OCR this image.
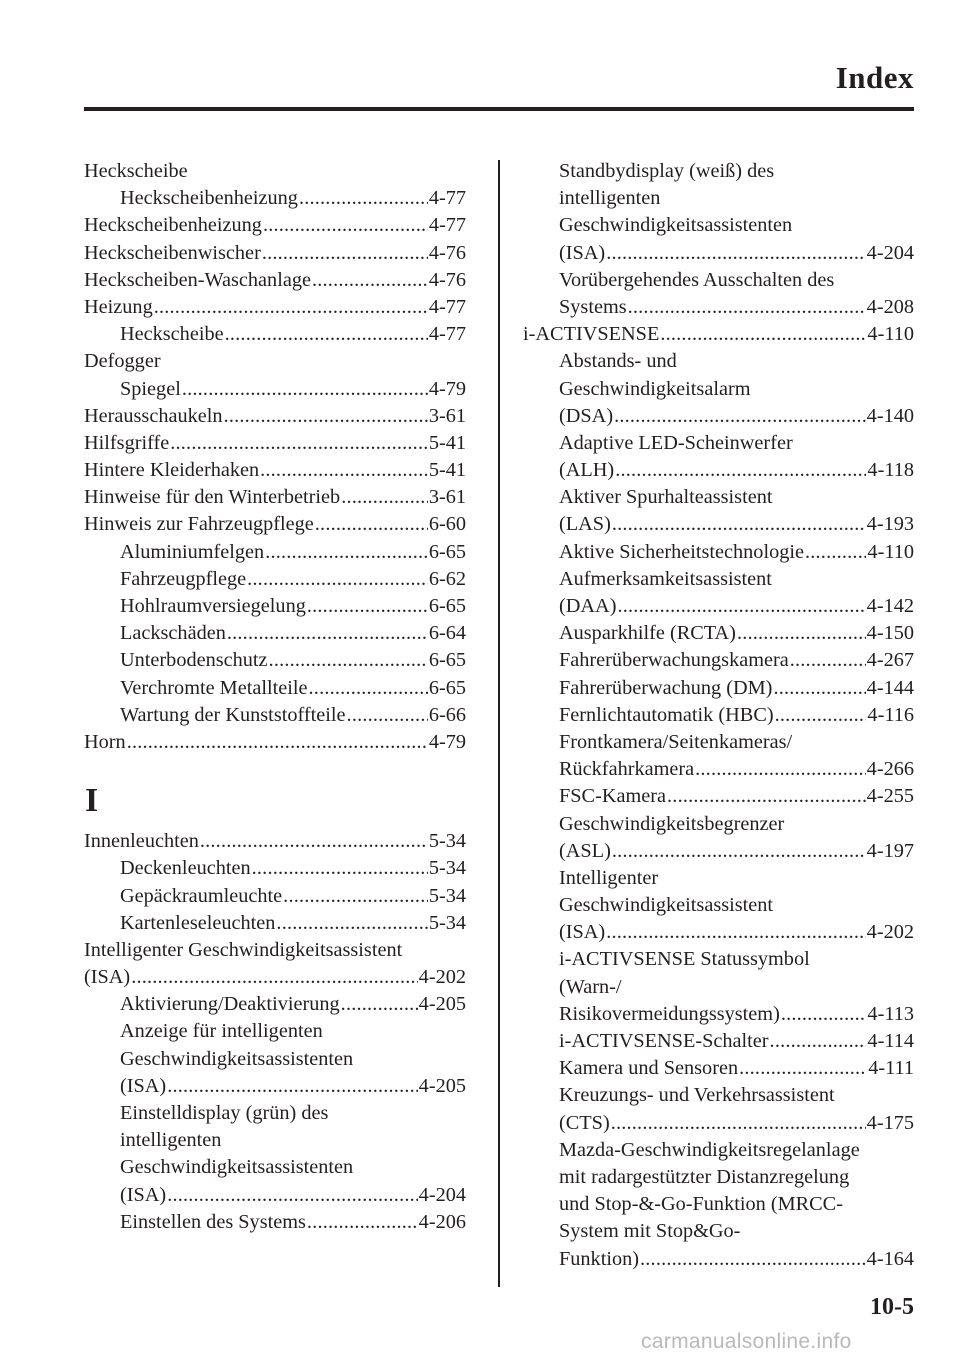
Index
Heckscheibe
Heckscheibenheizung .....	4-77
Heckscheibenheizung .....	4-77
Heckscheibenwischer .....	4-76
Heckscheiben-Waschanlage .....	4-76
Heizung .....	4-77
Heckscheibe .....	4-77
Defogger
Spiegel .....	4-79
Herausschaukeln .....	3-61
Hilfsgriffe .....	5-41
Hintere Kleiderhaken .....	5-41
Hinweise für den Winterbetrieb .....	3-61
Hinweis zur Fahrzeugpflege .....	6-60
Aluminiumfelgen .....	6-65
Fahrzeugpflege .....	6-62
Hohlraumversiegelung .....	6-65
Lackschäden .....	6-64
Unterbodenschutz .....	6-65
Verchromte Metallteile .....	6-65
Wartung der Kunststoffteile .....	6-66
Horn .....	4-79
I
Innenleuchten .....	5-34
Deckenleuchten .....	5-34
Gepäckraumleuchte .....	5-34
Kartenleseleuchten .....	5-34
Intelligenter Geschwindigkeitsassistent
(ISA) .....	4-202
Aktivierung/Deaktivierung .....	4-205
Anzeige für intelligenten
Geschwindigkeitsassistenten
(ISA) .....	4-205
Einstelldisplay (grün) des
intelligenten
Geschwindigkeitsassistenten
(ISA) .....	4-204
Einstellen des Systems .....	4-206
Standbydisplay (weiß) des
intelligenten
Geschwindigkeitsassistenten
(ISA) .....	4-204
Vorübergehendes Ausschalten des
Systems .....	4-208
i-ACTIVSENSE .....	4-110
Abstands- und
Geschwindigkeitsalarm
(DSA) .....	4-140
Adaptive LED-Scheinwerfer
(ALH) .....	4-118
Aktiver Spurhalteassistent
(LAS) .....	4-193
Aktive Sicherheitstechnologie .....	4-110
Aufmerksamkeitsassistent
(DAA) .....	4-142
Ausparkhilfe (RCTA) .....	4-150
Fahrerüberwachungskamera .....	4-267
Fahrerüberwachung (DM) .....	4-144
Fernlichtautomatik (HBC) .....	4-116
Frontkamera/Seitenkameras/
Rückfahrkamera .....	4-266
FSC-Kamera .....	4-255
Geschwindigkeitsbegrenzer
(ASL) .....	4-197
Intelligenter
Geschwindigkeitsassistent
(ISA) .....	4-202
i-ACTIVSENSE Statussymbol
(Warn-/
Risikovermeidungssystem) .....	4-113
i-ACTIVSENSE-Schalter .....	4-114
Kamera und Sensoren .....	4-111
Kreuzungs- und Verkehrsassistent
(CTS) .....	4-175
Mazda-Geschwindigkeitsregelanlage
mit radargestützter Distanzregelung
und Stop-&-Go-Funktion (MRCC-
System mit Stop&Go-
Funktion) .....	4-164
10-5
carmanualsonline.info
